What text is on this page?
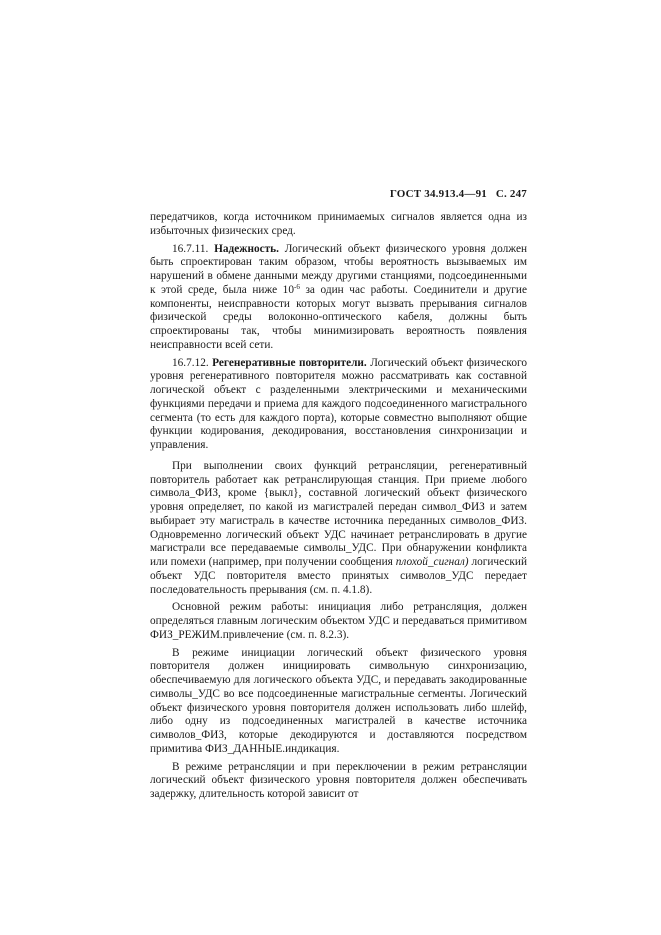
ГОСТ 34.913.4—91 С. 247

передатчиков, когда источником принимаемых сигналов является одна из избыточных физических сред.

16.7.11. Надежность. Логический объект физического уровня должен быть спроектирован таким образом, чтобы вероятность вызываемых им нарушений в обмене данными между другими станциями, подсоединенными к этой среде, была ниже $10^{-6}$ за один час работы. Соединители и другие компоненты, неисправности которых могут вызвать прерывания сигналов физической среды волоконно-оптического кабеля, должны быть спроектированы так, чтобы минимизировать вероятность появления неисправности всей сети.

16.7.12. Регенеративные повторители. Логический объект физического уровня регенеративного повторителя можно рассматривать как составной логической объект с разделенными электрическими и механическими функциями передачи и приема для каждого подсоединенного магистрального сегмента (то есть для каждого порта), которые совместно выполняют общие функции кодирования, декодирования, восстановления синхронизации и управления.

При выполнении своих функций ретрансляции, регенеративный повторитель работает как ретранслирующая станция. При приеме любого символа_ФИЗ, кроме {выкл}, составной логический объект физического уровня определяет, по какой из магистралей передан символ_ФИЗ и затем выбирает эту магистраль в качестве источника переданных символов_ФИЗ. Одновременно логический объект УДС начинает ретранслировать в другие магистрали все передаваемые символы_УДС. При обнаружении конфликта или помехи (например, при получении сообщения плохой_сигнал) логический объект УДС повторителя вместо принятых символов_УДС передает последовательность прерывания (см. п. 4.1.8).

Основной режим работы: инициация либо ретрансляция, должен определяться главным логическим объектом УДС и передаваться примитивом ФИЗ_РЕЖИМ.привлечение (см. п. 8.2.3).

В режиме инициации логический объект физического уровня повторителя должен инициировать символьную синхронизацию, обеспечиваемую для логического объекта УДС, и передавать закодированные символы_УДС во все подсоединенные магистральные сегменты. Логический объект физического уровня повторителя должен использовать либо шлейф, либо одну из подсоединенных магистралей в качестве источника символов_ФИЗ, которые декодируются и доставляются посредством примитива ФИЗ_ДАННЫЕ.индикация.

В режиме ретрансляции и при переключении в режим ретрансляции логический объект физического уровня повторителя должен обеспечивать задержку, длительность которой зависит от
